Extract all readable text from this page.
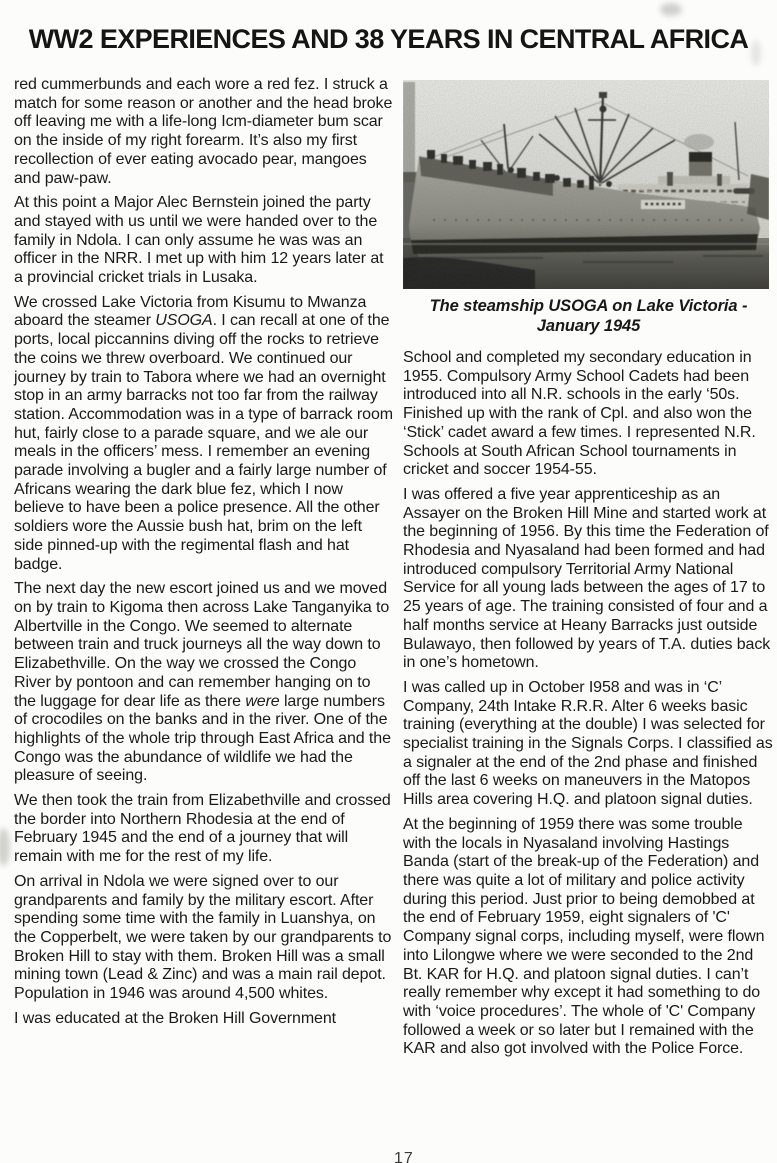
WW2 EXPERIENCES AND 38 YEARS IN CENTRAL AFRICA

red cummerbunds and each wore a red fez. I struck a match for some reason or another and the head broke off leaving me with a life-long Icm-diameter bum scar on the inside of my right forearm. It’s also my first recollection of ever eating avocado pear, mangoes and paw-paw.

At this point a Major Alec Bernstein joined the party and stayed with us until we were handed over to the family in Ndola. I can only assume he was was an officer in the NRR. I met up with him 12 years later at a provincial cricket trials in Lusaka.

We crossed Lake Victoria from Kisumu to Mwanza aboard the steamer USOGA. I can recall at one of the ports, local piccannins diving off the rocks to retrieve the coins we threw overboard. We continued our journey by train to Tabora where we had an overnight stop in an army barracks not too far from the railway station. Accommodation was in a type of barrack room hut, fairly close to a parade square, and we ale our meals in the officers’ mess. I remember an evening parade involving a bugler and a fairly large number of Africans wearing the dark blue fez, which I now believe to have been a police presence. All the other soldiers wore the Aussie bush hat, brim on the left side pinned-up with the regimental flash and hat badge.

The next day the new escort joined us and we moved on by train to Kigoma then across Lake Tanganyika to Albertville in the Congo. We seemed to alternate between train and truck journeys all the way down to Elizabethville. On the way we crossed the Congo River by pontoon and can remember hanging on to the luggage for dear life as there were large numbers of crocodiles on the banks and in the river. One of the highlights of the whole trip through East Africa and the Congo was the abundance of wildlife we had the pleasure of seeing.

We then took the train from Elizabethville and crossed the border into Northern Rhodesia at the end of February 1945 and the end of a journey that will remain with me for the rest of my life.

On arrival in Ndola we were signed over to our grandparents and family by the military escort. After spending some time with the family in Luanshya, on the Copperbelt, we were taken by our grandparents to Broken Hill to stay with them. Broken Hill was a small mining town (Lead & Zinc) and was a main rail depot. Population in 1946 was around 4,500 whites.

I was educated at the Broken Hill Government

The steamship USOGA on Lake Victoria -
January 1945

School and completed my secondary education in 1955. Compulsory Army School Cadets had been introduced into all N.R. schools in the early ‘50s. Finished up with the rank of Cpl. and also won the ‘Stick’ cadet award a few times. I represented N.R. Schools at South African School tournaments in cricket and soccer 1954-55.

I was offered a five year apprenticeship as an Assayer on the Broken Hill Mine and started work at the beginning of 1956. By this time the Federation of Rhodesia and Nyasaland had been formed and had introduced compulsory Territorial Army National Service for all young lads between the ages of 17 to 25 years of age. The training consisted of four and a half months service at Heany Barracks just outside Bulawayo, then followed by years of T.A. duties back in one’s hometown.

I was called up in October I958 and was in ‘C’ Company, 24th Intake R.R.R. Alter 6 weeks basic training (everything at the double) I was selected for specialist training in the Signals Corps. I classified as a signaler at the end of the 2nd phase and finished off the last 6 weeks on maneuvers in the Matopos Hills area covering H.Q. and platoon signal duties.

At the beginning of 1959 there was some trouble with the locals in Nyasaland involving Hastings Banda (start of the break-up of the Federation) and there was quite a lot of military and police activity during this period. Just prior to being demobbed at the end of February 1959, eight signalers of 'C' Company signal corps, including myself, were flown into Lilongwe where we were seconded to the 2nd Bt. KAR for H.Q. and platoon signal duties. I can’t really remember why except it had something to do with ‘voice procedures’. The whole of 'C' Company followed a week or so later but I remained with the KAR and also got involved with the Police Force.

17
